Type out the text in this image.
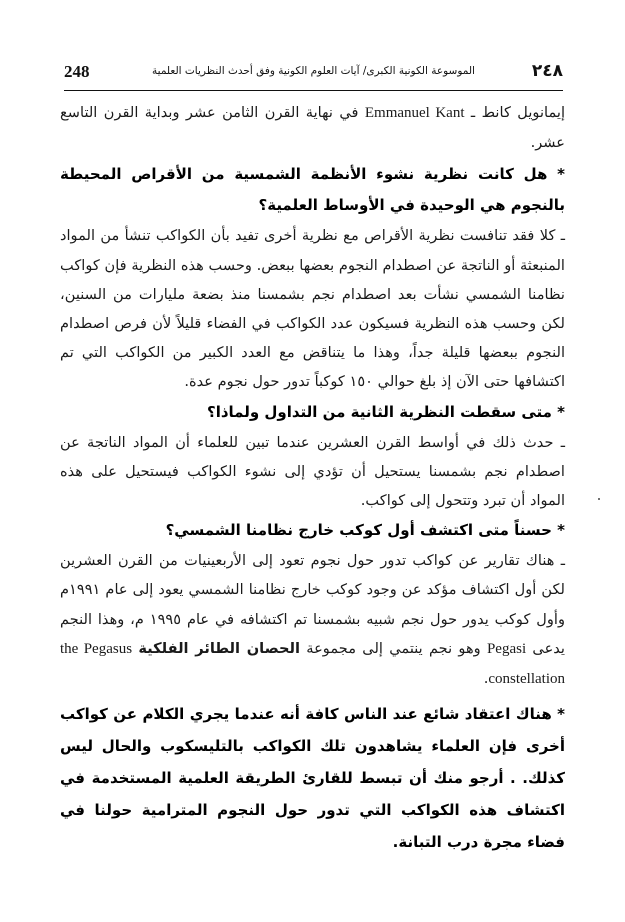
248	الموسوعة الكونية الكبرى/ آيات العلوم الكونية وفق أحدث النظريات العلمية	٢٤٨

إيمانويل كانط ـ Emmanuel Kant في نهاية القرن الثامن عشر وبداية القرن التاسع عشر.

* هل كانت نظرية نشوء الأنظمة الشمسية من الأقراص المحيطة بالنجوم هي الوحيدة في الأوساط العلمية؟

ـ كلا فقد تنافست نظرية الأقراص مع نظرية أخرى تفيد بأن الكواكب تنشأ من المواد المنبعثة أو الناتجة عن اصطدام النجوم بعضها ببعض. وحسب هذه النظرية فإن كواكب نظامنا الشمسي نشأت بعد اصطدام نجم بشمسنا منذ بضعة مليارات من السنين، لكن وحسب هذه النظرية فسيكون عدد الكواكب في الفضاء قليلاً لأن فرص اصطدام النجوم ببعضها قليلة جداً، وهذا ما يتناقض مع العدد الكبير من الكواكب التي تم اكتشافها حتى الآن إذ بلغ حوالي ١٥٠ كوكباً تدور حول نجوم عدة.

* متى سقطت النظرية الثانية من التداول ولماذا؟

ـ حدث ذلك في أواسط القرن العشرين عندما تبين للعلماء أن المواد الناتجة عن اصطدام نجم بشمسنا يستحيل أن تؤدي إلى نشوء الكواكب فيستحيل على هذه المواد أن تبرد وتتحول إلى كواكب.

* حسناً متى اكتشف أول كوكب خارج نظامنا الشمسي؟

ـ هناك تقارير عن كواكب تدور حول نجوم تعود إلى الأربعينيات من القرن العشرين لكن أول اكتشاف مؤكد عن وجود كوكب خارج نظامنا الشمسي يعود إلى عام ١٩٩١م وأول كوكب يدور حول نجم شبيه بشمسنا تم اكتشافه في عام ١٩٩٥ م، وهذا النجم يدعى Pegasi وهو نجم ينتمي إلى مجموعة الحصان الطائر الفلكية the Pegasus constellation.

* هناك اعتقاد شائع عند الناس كافة أنه عندما يجري الكلام عن كواكب أخرى فإن العلماء يشاهدون تلك الكواكب بالتليسكوب والحال ليس كذلك. . أرجو منك أن تبسط للقارئ الطريقة العلمية المستخدمة في اكتشاف هذه الكواكب التي تدور حول النجوم المترامية حولنا في فضاء مجرة درب التبانة.
